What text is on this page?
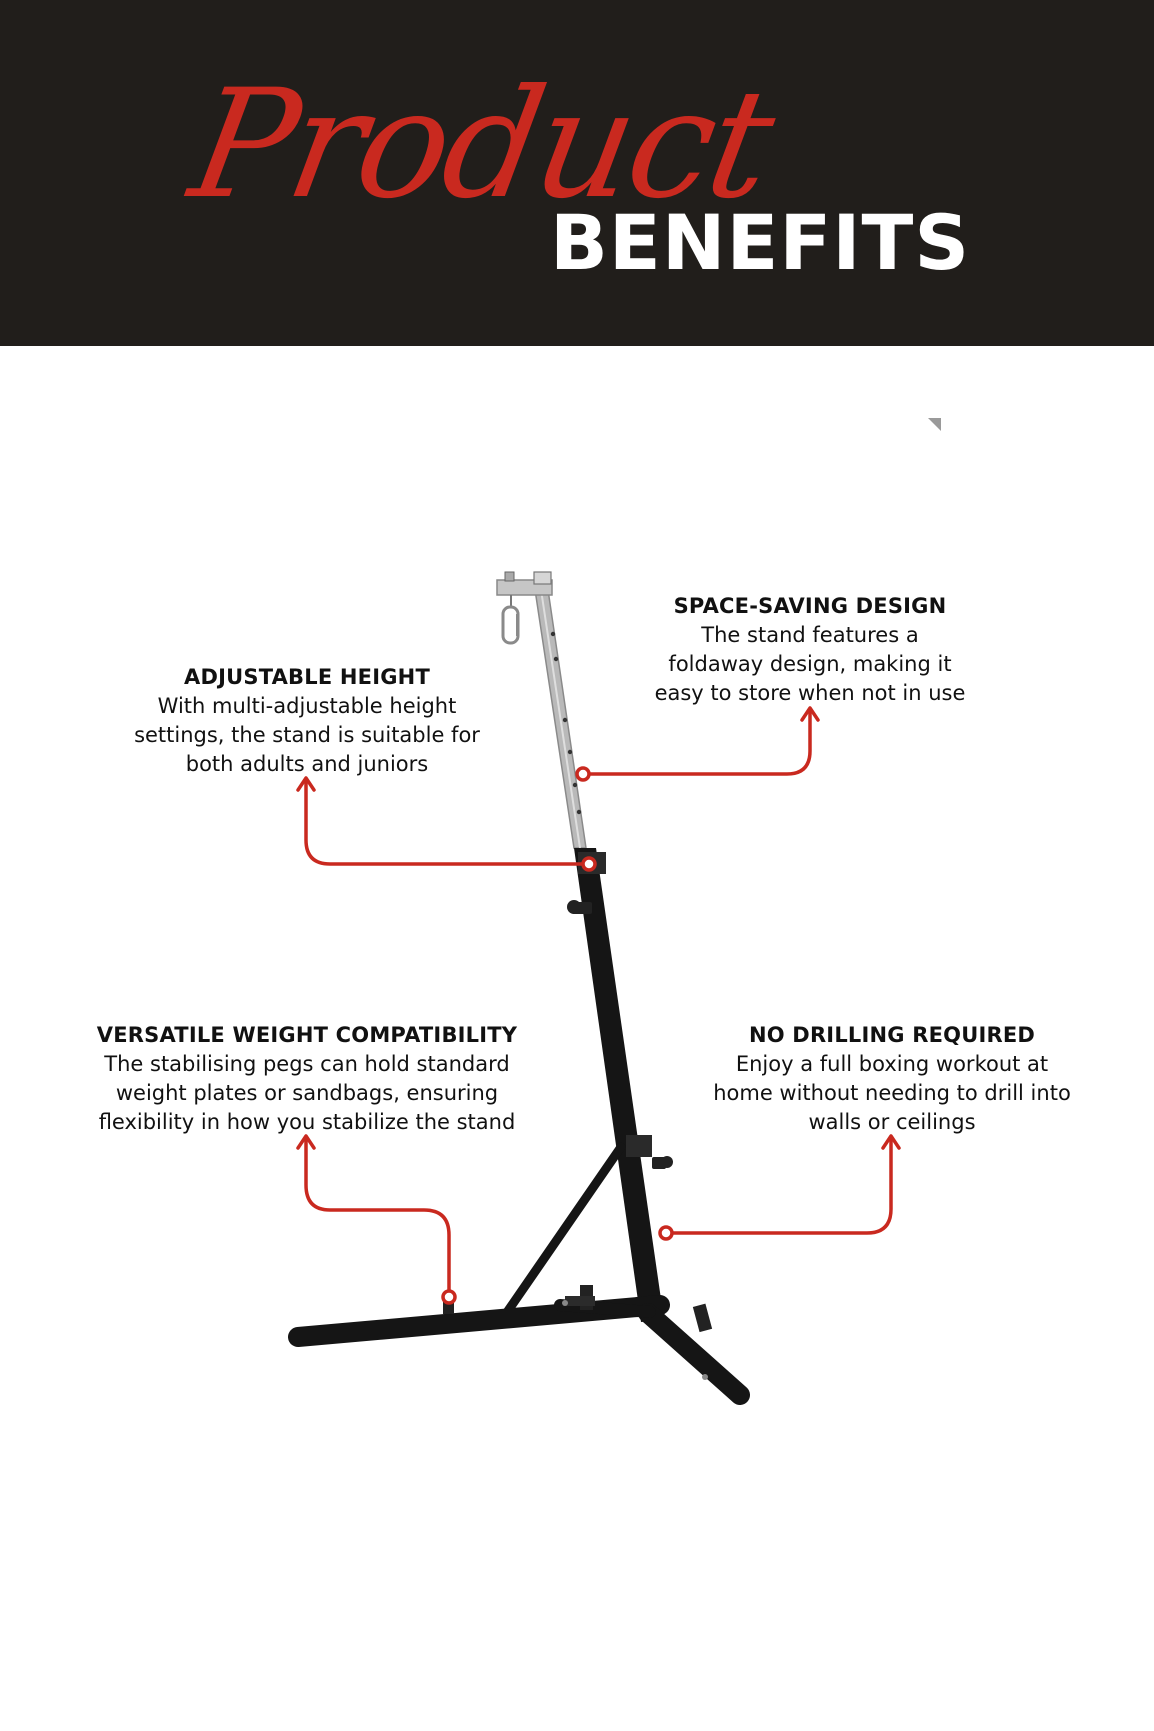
Product
BENEFITS
SPACE-SAVING DESIGN
The stand features a
foldaway design, making it
easy to store when not in use
ADJUSTABLE HEIGHT
With multi-adjustable height
settings, the stand is suitable for
both adults and juniors
VERSATILE WEIGHT COMPATIBILITY
The stabilising pegs can hold standard
weight plates or sandbags, ensuring
flexibility in how you stabilize the stand
NO DRILLING REQUIRED
Enjoy a full boxing workout at
home without needing to drill into
walls or ceilings
